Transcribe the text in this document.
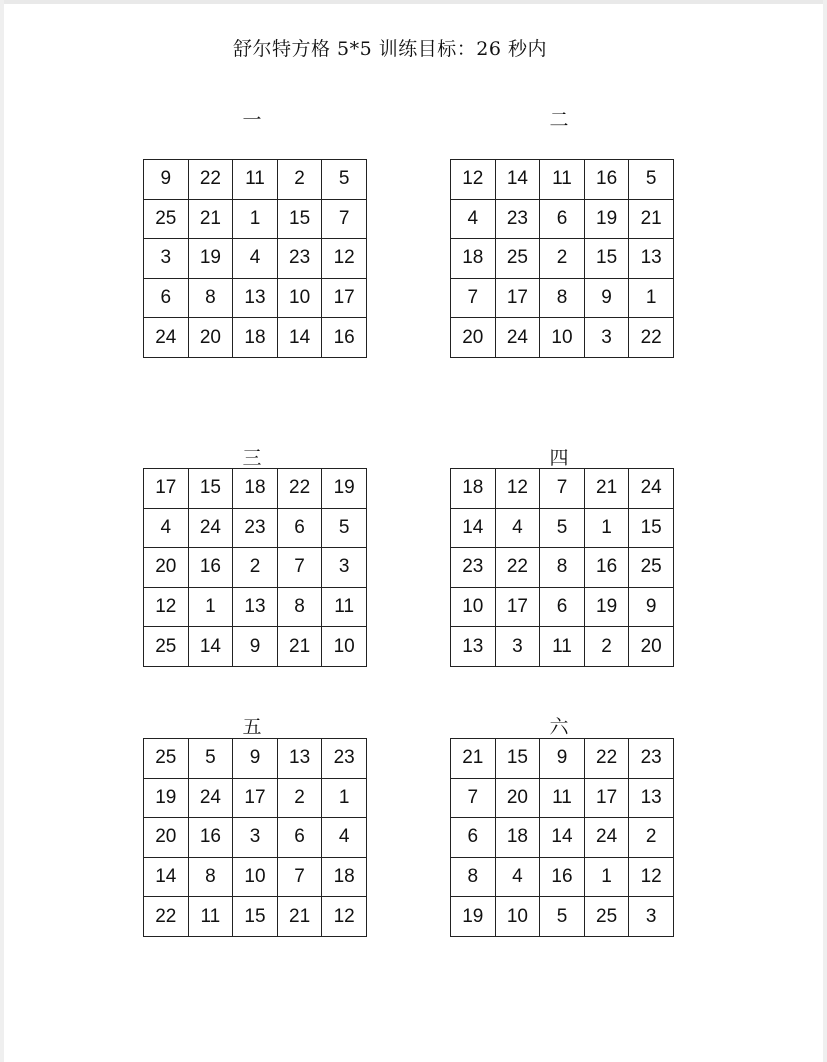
舒尔特方格 5*5 训练目标：26 秒内
一
9	22	11	2	5
25	21	1	15	7
3	19	4	23	12
6	8	13	10	17
24	20	18	14	16
二
12	14	11	16	5
4	23	6	19	21
18	25	2	15	13
7	17	8	9	1
20	24	10	3	22
三
17	15	18	22	19
4	24	23	6	5
20	16	2	7	3
12	1	13	8	11
25	14	9	21	10
四
18	12	7	21	24
14	4	5	1	15
23	22	8	16	25
10	17	6	19	9
13	3	11	2	20
五
25	5	9	13	23
19	24	17	2	1
20	16	3	6	4
14	8	10	7	18
22	11	15	21	12
六
21	15	9	22	23
7	20	11	17	13
6	18	14	24	2
8	4	16	1	12
19	10	5	25	3
